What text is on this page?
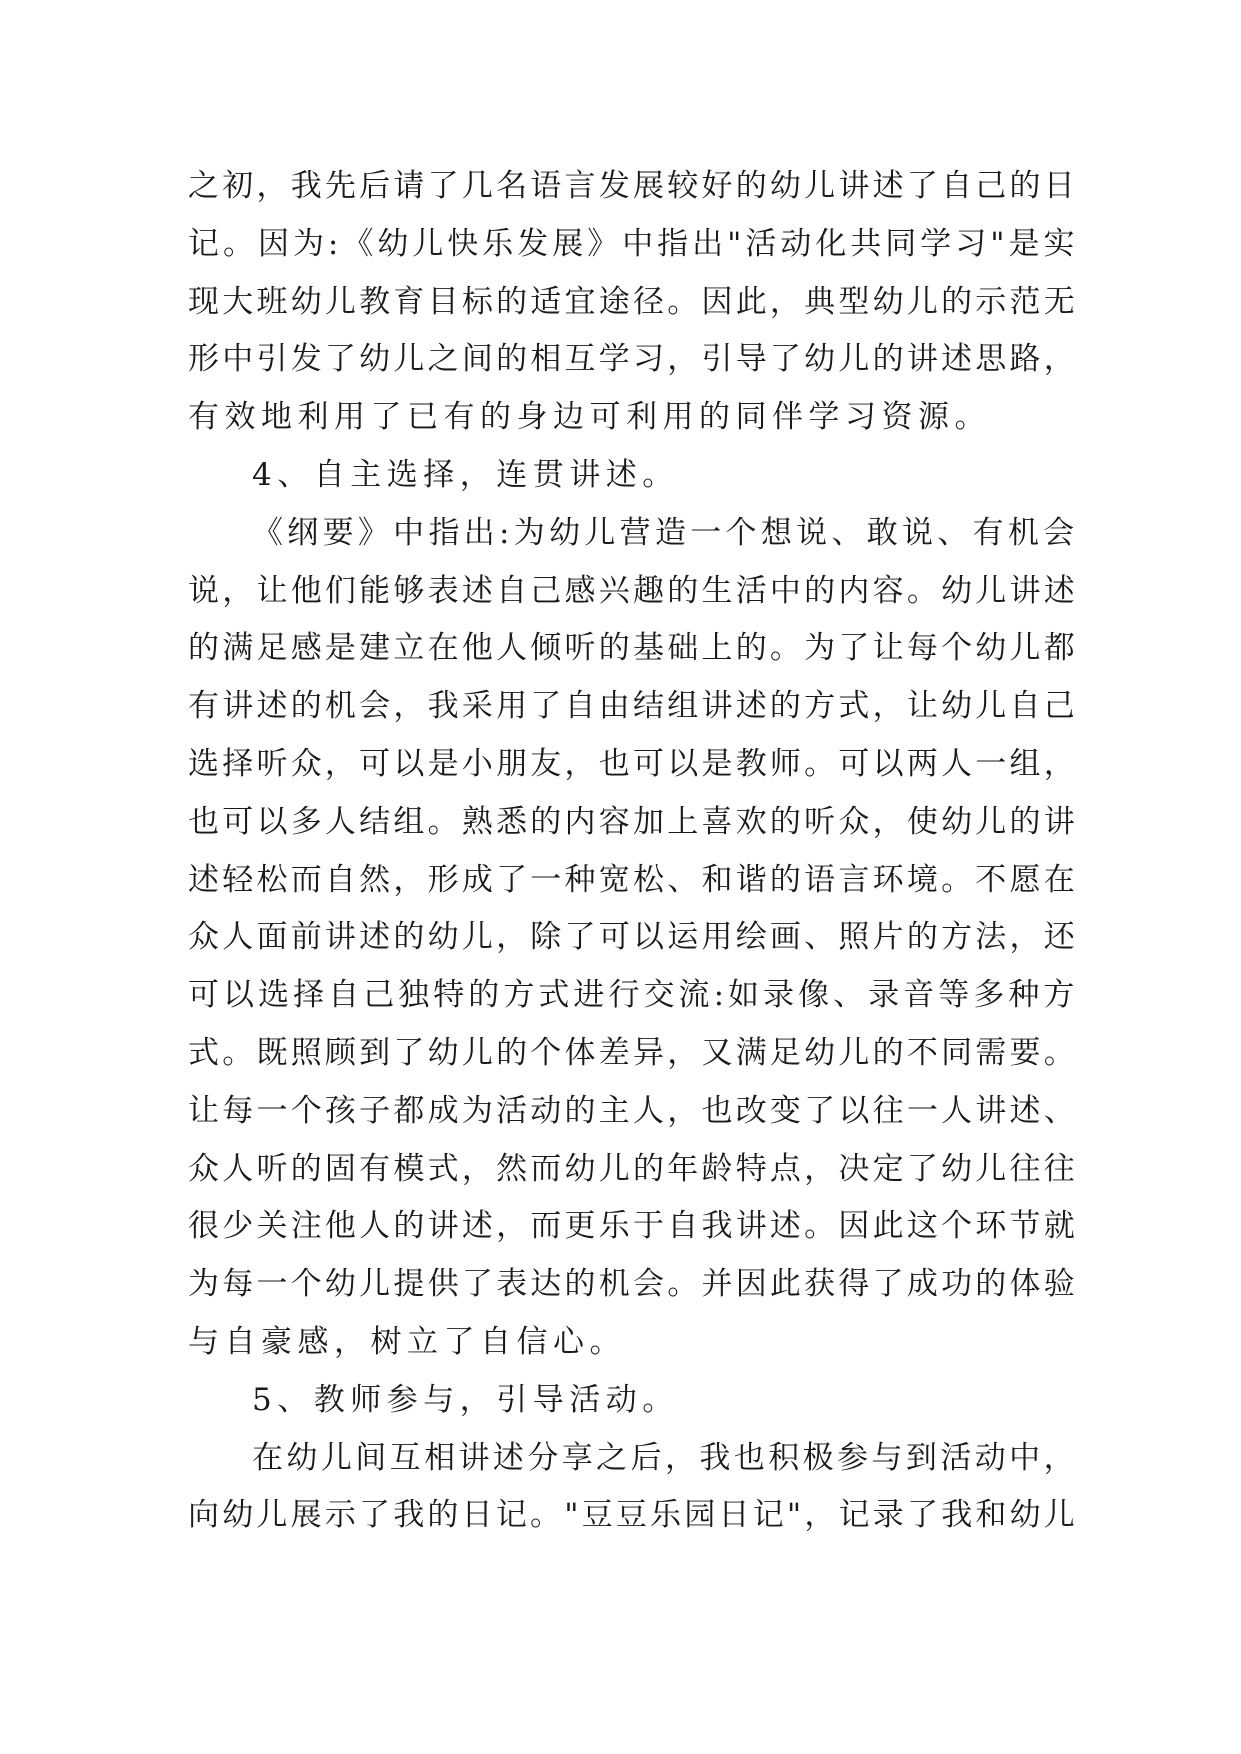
之初，我先后请了几名语言发展较好的幼儿讲述了自己的日
记。因为:《幼儿快乐发展》中指出"活动化共同学习"是实
现大班幼儿教育目标的适宜途径。因此，典型幼儿的示范无
形中引发了幼儿之间的相互学习，引导了幼儿的讲述思路，
有效地利用了已有的身边可利用的同伴学习资源。
4、自主选择，连贯讲述。
《纲要》中指出:为幼儿营造一个想说、敢说、有机会
说，让他们能够表述自己感兴趣的生活中的内容。幼儿讲述
的满足感是建立在他人倾听的基础上的。为了让每个幼儿都
有讲述的机会，我采用了自由结组讲述的方式，让幼儿自己
选择听众，可以是小朋友，也可以是教师。可以两人一组，
也可以多人结组。熟悉的内容加上喜欢的听众，使幼儿的讲
述轻松而自然，形成了一种宽松、和谐的语言环境。不愿在
众人面前讲述的幼儿，除了可以运用绘画、照片的方法，还
可以选择自己独特的方式进行交流:如录像、录音等多种方
式。既照顾到了幼儿的个体差异，又满足幼儿的不同需要。
让每一个孩子都成为活动的主人，也改变了以往一人讲述、
众人听的固有模式，然而幼儿的年龄特点，决定了幼儿往往
很少关注他人的讲述，而更乐于自我讲述。因此这个环节就
为每一个幼儿提供了表达的机会。并因此获得了成功的体验
与自豪感，树立了自信心。
5、教师参与，引导活动。
在幼儿间互相讲述分享之后，我也积极参与到活动中，
向幼儿展示了我的日记。"豆豆乐园日记"，记录了我和幼儿
